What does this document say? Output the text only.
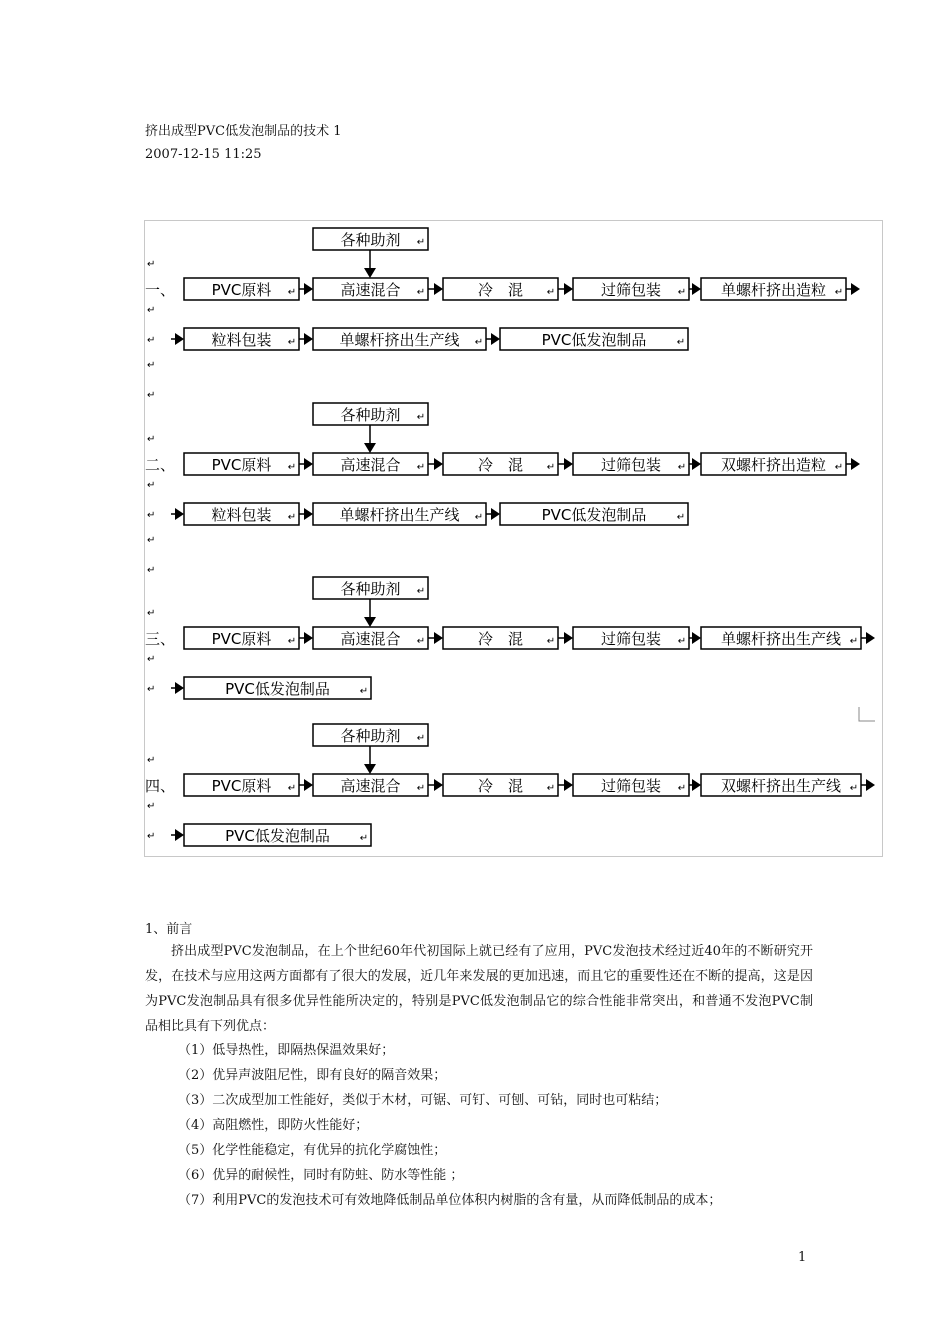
挤出成型PVC低发泡制品的技术 1
2007-12-15 11:25
各种助剂 ↵
↵
↵
↵
↵
↵
一、 PVC原料 ↵	高速混合 ↵	冷　混 ↵	过筛包装 ↵ 单螺杆挤出造粒 ↵
粒料包装 ↵	单螺杆挤出生产线 ↵	PVC低发泡制品	↵
各种助剂 ↵
↵
↵
↵
↵
↵
二、 PVC原料 ↵	高速混合 ↵	冷　混 ↵	过筛包装 ↵ 双螺杆挤出造粒 ↵
粒料包装 ↵	单螺杆挤出生产线 ↵	PVC低发泡制品	↵
各种助剂 ↵
↵
↵
↵
三、 PVC原料 ↵	高速混合 ↵	冷　混 ↵	过筛包装 ↵ 单螺杆挤出生产线 ↵
PVC低发泡制品	↵
各种助剂 ↵
↵
↵
↵
四、 PVC原料 ↵	高速混合 ↵	冷　混 ↵	过筛包装 ↵ 双螺杆挤出生产线 ↵
PVC低发泡制品	↵
1、前言
挤出成型PVC发泡制品，在上个世纪60年代初国际上就已经有了应用，PVC发泡技术经过近40年的不断研究开发，在技术与应用这两方面都有了很大的发展，近几年来发展的更加迅速，而且它的重要性还在不断的提高，这是因为PVC发泡制品具有很多优异性能所决定的，特别是PVC低发泡制品它的综合性能非常突出，和普通不发泡PVC制品相比具有下列优点：
（1）低导热性，即隔热保温效果好；
（2）优异声波阻尼性，即有良好的隔音效果；
（3）二次成型加工性能好，类似于木材，可锯、可钉、可刨、可钻，同时也可粘结；
（4）高阻燃性，即防火性能好；
（5）化学性能稳定，有优异的抗化学腐蚀性；
（6）优异的耐候性，同时有防蛀、防水等性能 ；
（7）利用PVC的发泡技术可有效地降低制品单位体积内树脂的含有量，从而降低制品的成本；
1
